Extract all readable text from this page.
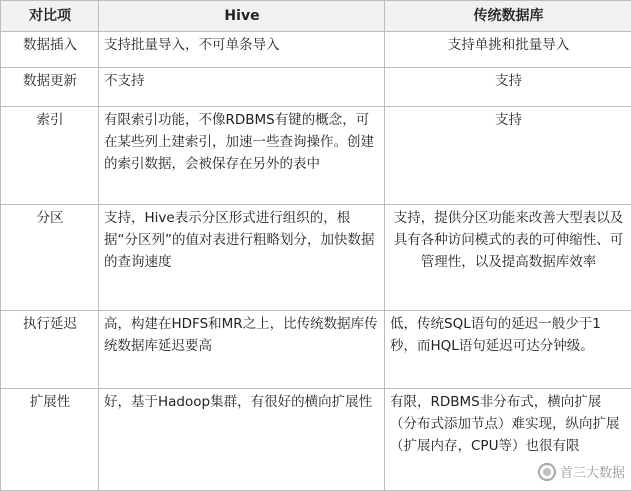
对比项	Hive	传统数据库
数据插入	支持批量导入，不可单条导入	支持单挑和批量导入
数据更新	不支持	支持
索引	有限索引功能，不像RDBMS有键的概念，可在某些列上建索引，加速一些查询操作。创建的索引数据，会被保存在另外的表中	支持
分区	支持，Hive表示分区形式进行组织的，根据“分区列”的值对表进行粗略划分，加快数据的查询速度	支持，提供分区功能来改善大型表以及具有各种访问模式的表的可伸缩性、可管理性，以及提高数据库效率
执行延迟	高，构建在HDFS和MR之上，比传统数据库传统数据库延迟要高	低，传统SQL语句的延迟一般少于1秒，而HQL语句延迟可达分钟级。
扩展性	好，基于Hadoop集群，有很好的横向扩展性	有限，RDBMS非分布式，横向扩展（分布式添加节点）难实现，纵向扩展（扩展内存，CPU等）也很有限
首三大数据
